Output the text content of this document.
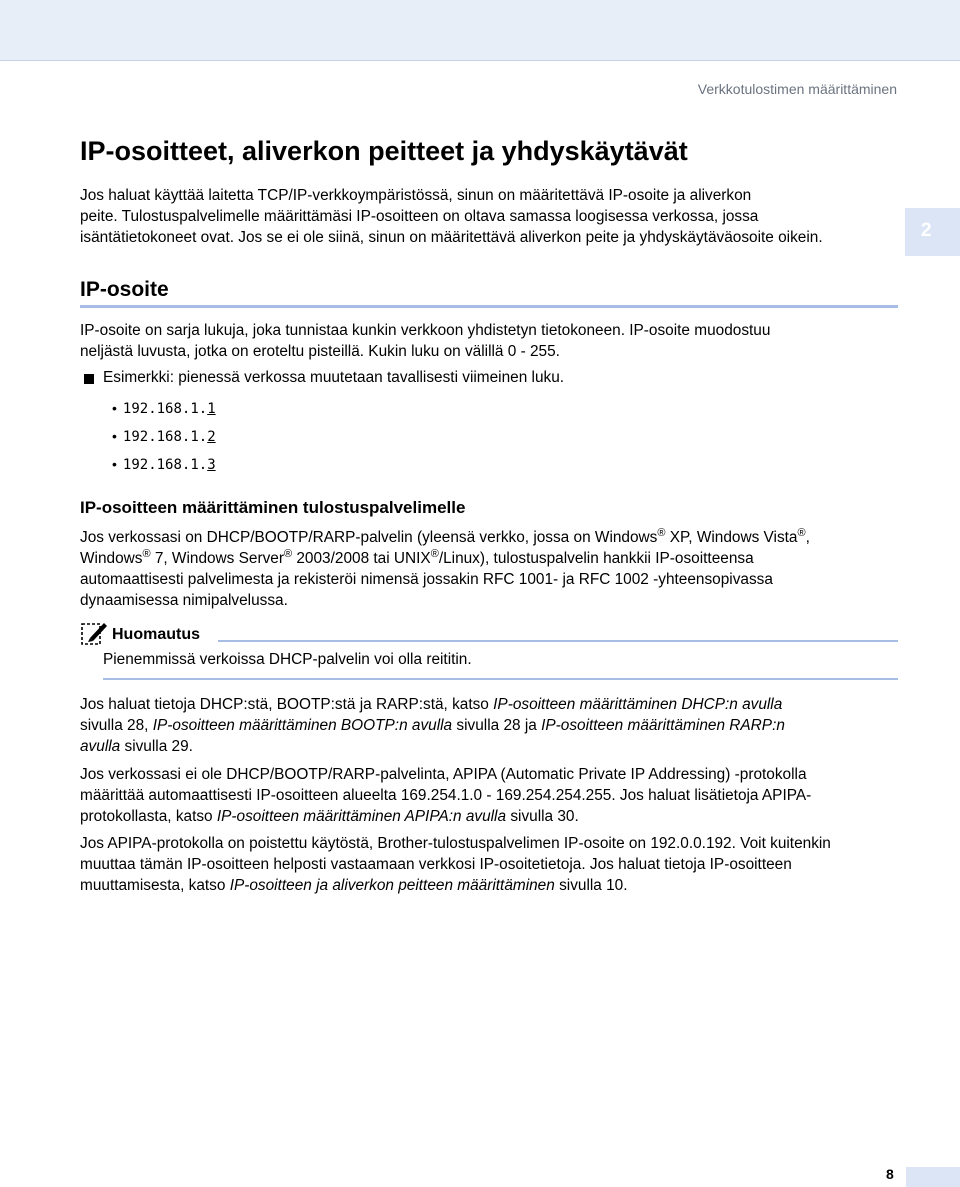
Verkkotulostimen määrittäminen
2
IP-osoitteet, aliverkon peitteet ja yhdyskäytävät

Jos haluat käyttää laitetta TCP/IP-verkkoympäristössä, sinun on määritettävä IP-osoite ja aliverkon

peite. Tulostuspalvelimelle määrittämäsi IP-osoitteen on oltava samassa loogisessa verkossa, jossa

isäntätietokoneet ovat. Jos se ei ole siinä, sinun on määritettävä aliverkon peite ja yhdyskäytäväosoite oikein.

IP-osoite

IP-osoite on sarja lukuja, joka tunnistaa kunkin verkkoon yhdistetyn tietokoneen. IP-osoite muodostuu

neljästä luvusta, jotka on eroteltu pisteillä. Kukin luku on välillä 0 - 255.

Esimerkki: pienessä verkossa muutetaan tavallisesti viimeinen luku.
• 192.168.1.1
• 192.168.1.2
• 192.168.1.3
IP-osoitteen määrittäminen tulostuspalvelimelle

Jos verkossasi on DHCP/BOOTP/RARP-palvelin (yleensä verkko, jossa on Windows® XP, Windows Vista®,

Windows® 7, Windows Server® 2003/2008 tai UNIX®/Linux), tulostuspalvelin hankkii IP-osoitteensa

automaattisesti palvelimesta ja rekisteröi nimensä jossakin RFC 1001- ja RFC 1002 -yhteensopivassa

dynaamisessa nimipalvelussa.

Huomautus
Pienemmissä verkoissa DHCP-palvelin voi olla reititin.

Jos haluat tietoja DHCP:stä, BOOTP:stä ja RARP:stä, katso IP-osoitteen määrittäminen DHCP:n avulla

sivulla 28, IP-osoitteen määrittäminen BOOTP:n avulla sivulla 28 ja IP-osoitteen määrittäminen RARP:n

avulla sivulla 29.

Jos verkossasi ei ole DHCP/BOOTP/RARP-palvelinta, APIPA (Automatic Private IP Addressing) -protokolla

määrittää automaattisesti IP-osoitteen alueelta 169.254.1.0 - 169.254.254.255. Jos haluat lisätietoja APIPA-

protokollasta, katso IP-osoitteen määrittäminen APIPA:n avulla sivulla 30.

Jos APIPA-protokolla on poistettu käytöstä, Brother-tulostuspalvelimen IP-osoite on 192.0.0.192. Voit kuitenkin

muuttaa tämän IP-osoitteen helposti vastaamaan verkkosi IP-osoitetietoja. Jos haluat tietoja IP-osoitteen

muuttamisesta, katso IP-osoitteen ja aliverkon peitteen määrittäminen sivulla 10.

8
